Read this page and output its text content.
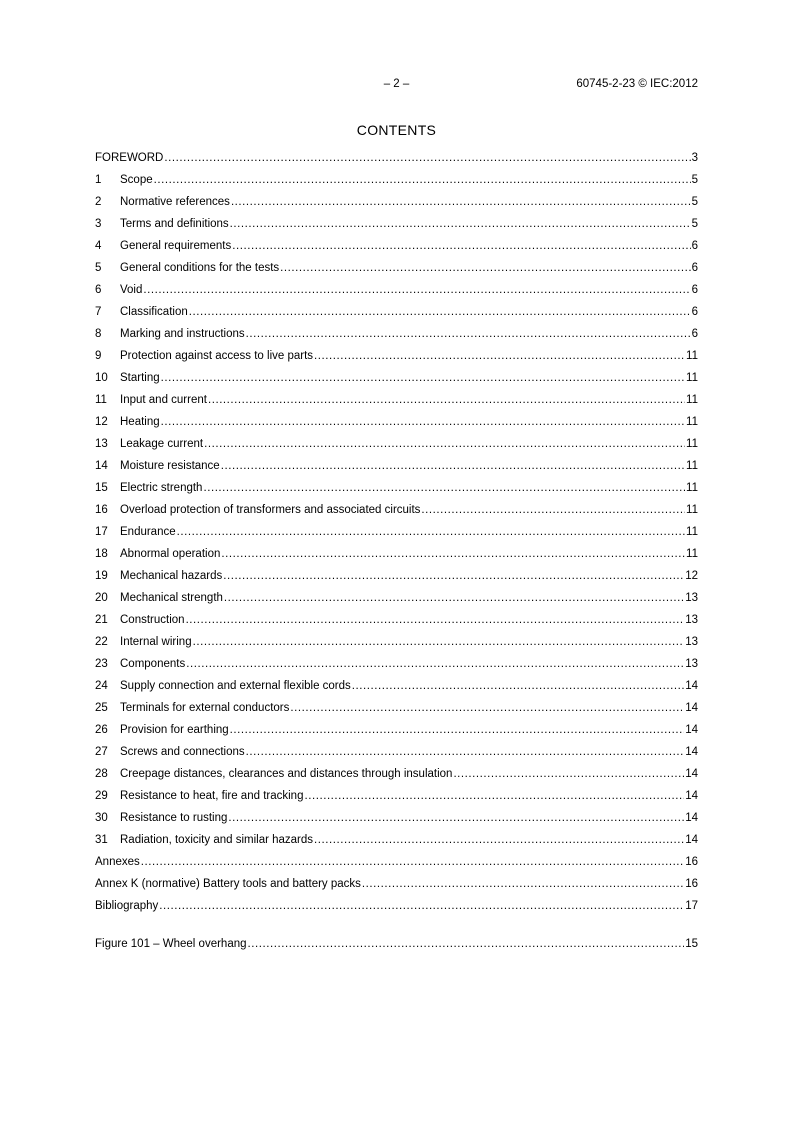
– 2 –	60745-2-23 © IEC:2012
CONTENTS
FOREWORD .....	3
1	Scope .....	5
2	Normative references .....	5
3	Terms and definitions .....	5
4	General requirements .....	6
5	General conditions for the tests .....	6
6	Void .....	6
7	Classification .....	6
8	Marking and instructions .....	6
9	Protection against access to live parts .....	11
10	Starting .....	11
11	Input and current .....	11
12	Heating .....	11
13	Leakage current .....	11
14	Moisture resistance .....	11
15	Electric strength .....	11
16	Overload protection of transformers and associated circuits .....	11
17	Endurance .....	11
18	Abnormal operation .....	11
19	Mechanical hazards .....	12
20	Mechanical strength .....	13
21	Construction .....	13
22	Internal wiring .....	13
23	Components .....	13
24	Supply connection and external flexible cords .....	14
25	Terminals for external conductors .....	14
26	Provision for earthing .....	14
27	Screws and connections .....	14
28	Creepage distances, clearances and distances through insulation .....	14
29	Resistance to heat, fire and tracking .....	14
30	Resistance to rusting .....	14
31	Radiation, toxicity and similar hazards .....	14
Annexes .....	16
Annex K (normative) Battery tools and battery packs .....	16
Bibliography .....	17
Figure 101 – Wheel overhang .....	15
